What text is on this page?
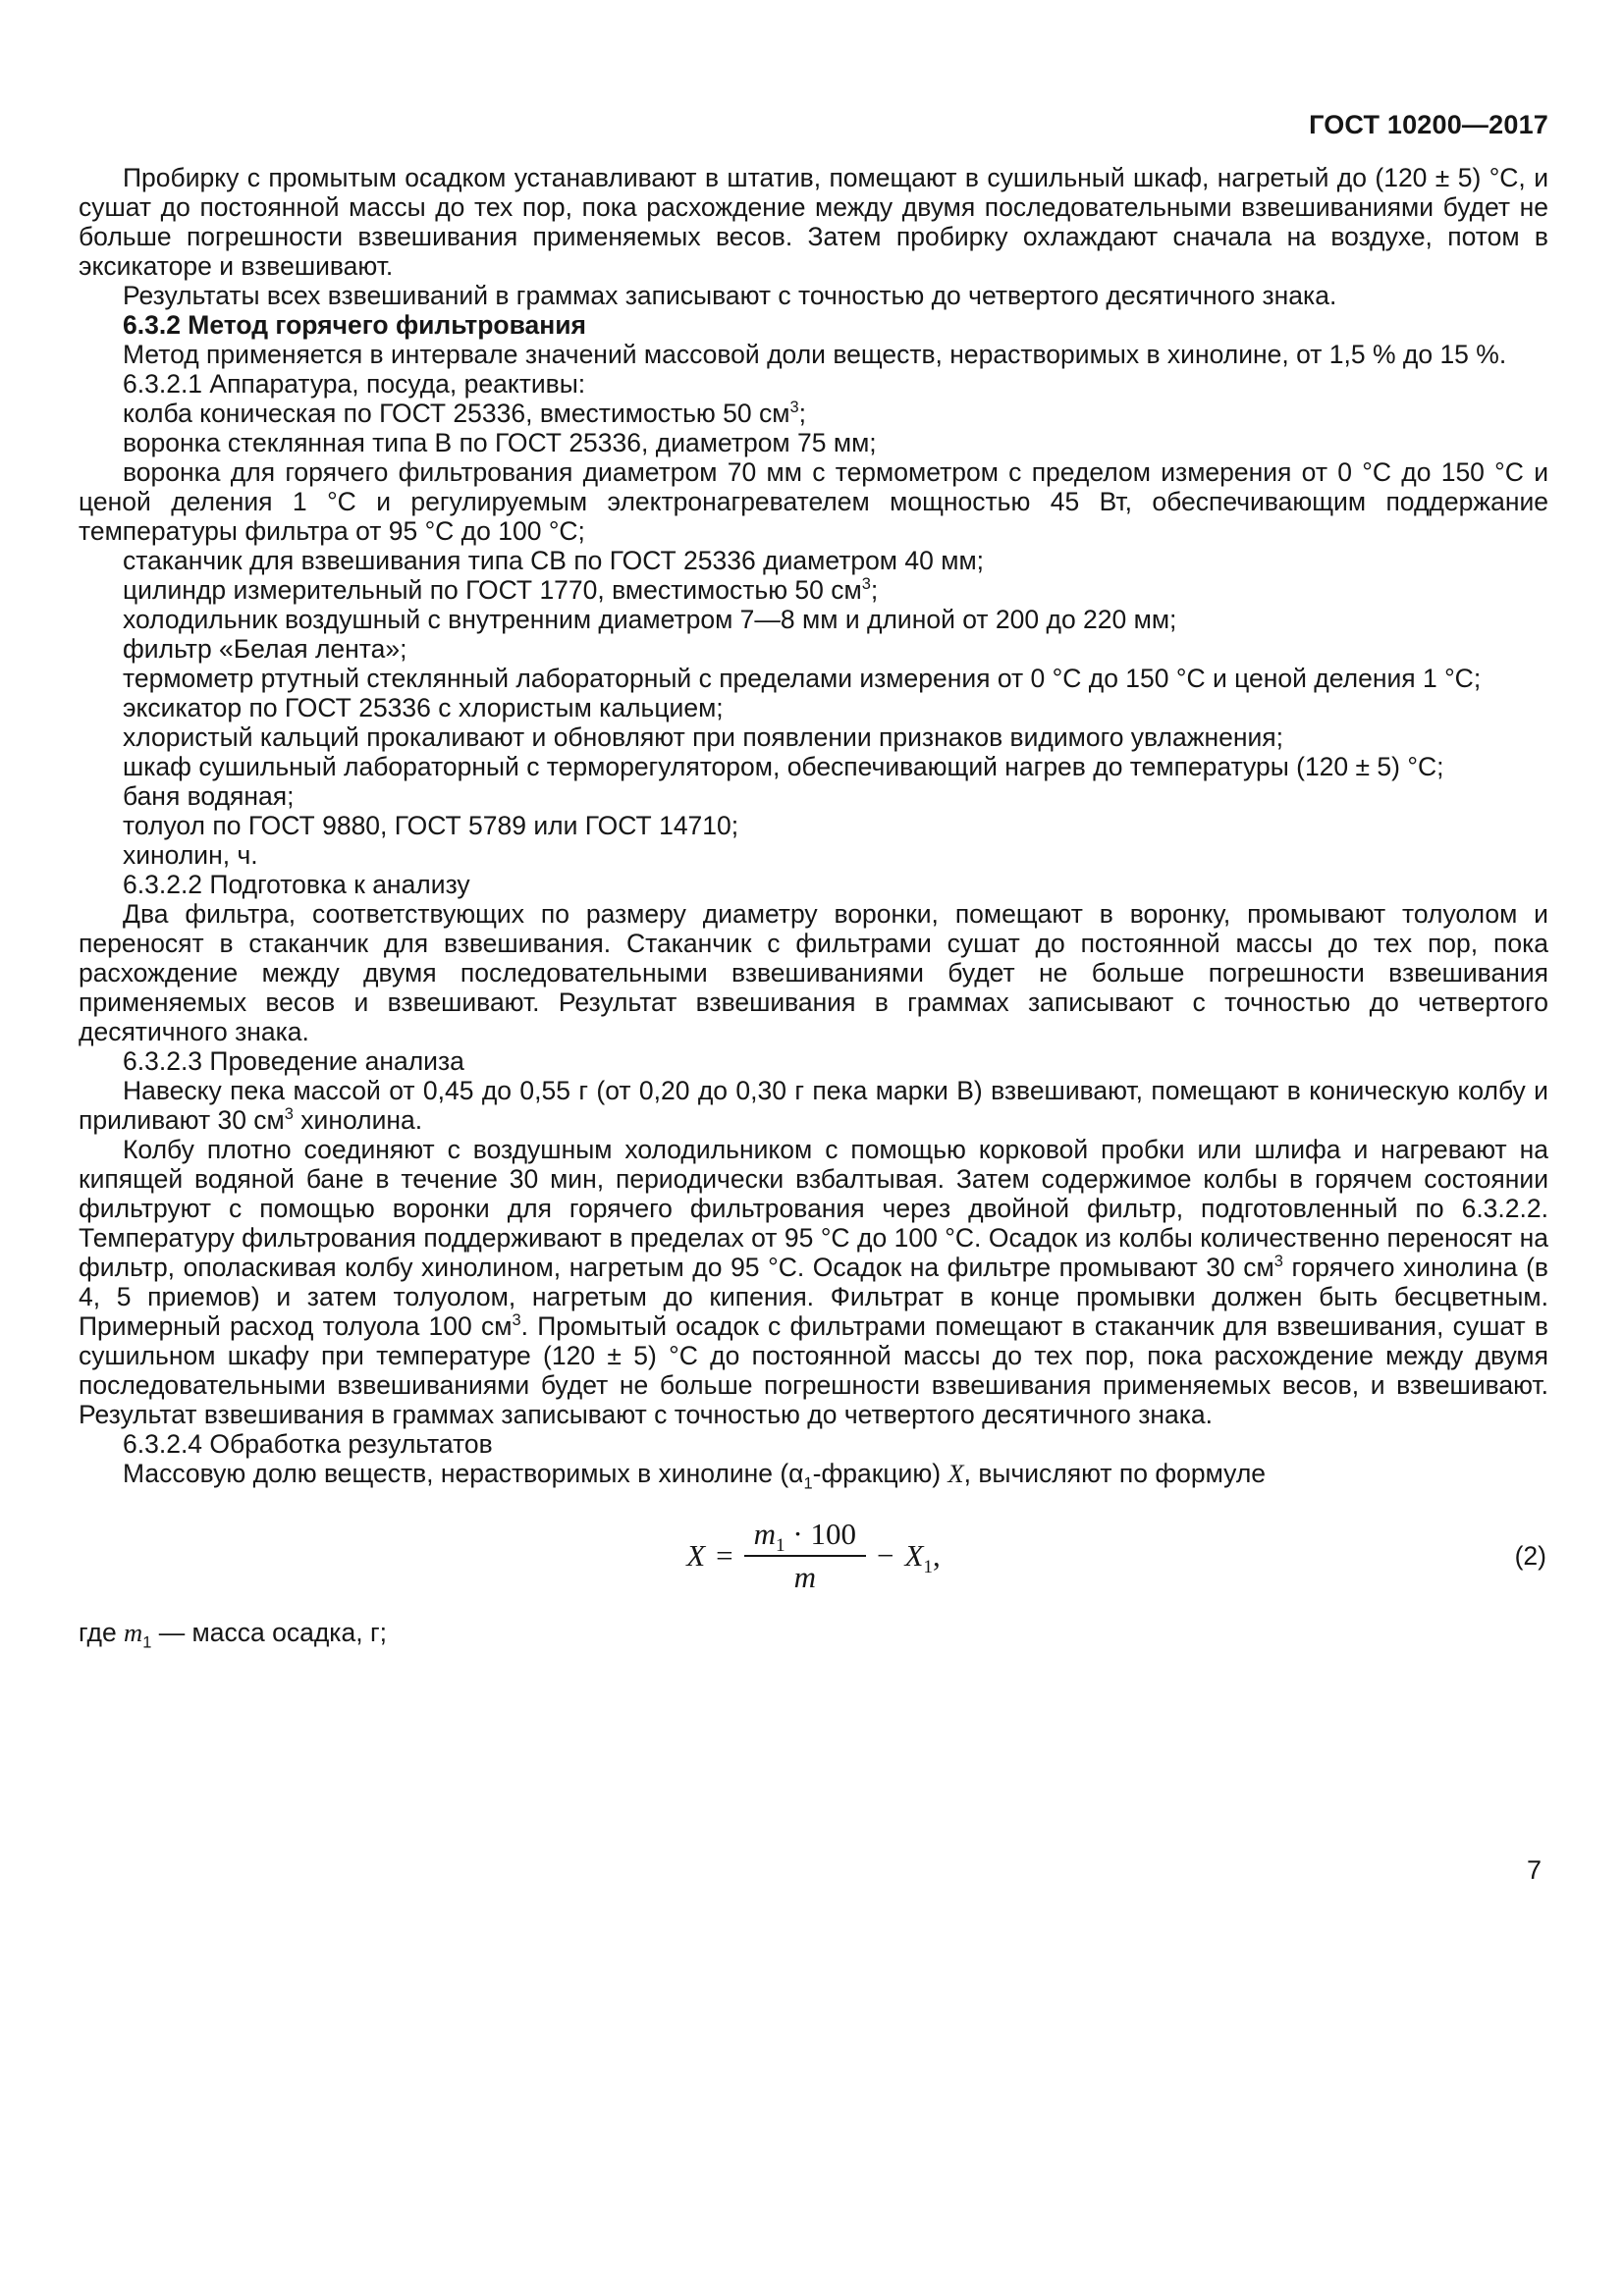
ГОСТ 10200—2017

Пробирку с промытым осадком устанавливают в штатив, помещают в сушильный шкаф, нагретый до (120 ± 5) °С, и сушат до постоянной массы до тех пор, пока расхождение между двумя последовательными взвешиваниями будет не больше погрешности взвешивания применяемых весов. Затем пробирку охлаждают сначала на воздухе, потом в эксикаторе и взвешивают.

Результаты всех взвешиваний в граммах записывают с точностью до четвертого десятичного знака.

6.3.2 Метод горячего фильтрования

Метод применяется в интервале значений массовой доли веществ, нерастворимых в хинолине, от 1,5 % до 15 %.

6.3.2.1 Аппаратура, посуда, реактивы:

колба коническая по ГОСТ 25336, вместимостью 50 $см^3$;

воронка стеклянная типа В по ГОСТ 25336, диаметром 75 мм;

воронка для горячего фильтрования диаметром 70 мм с термометром с пределом измерения от 0 °С до 150 °С и ценой деления 1 °С и регулируемым электронагревателем мощностью 45 Вт, обеспечивающим поддержание температуры фильтра от 95 °С до 100 °С;

стаканчик для взвешивания типа СВ по ГОСТ 25336 диаметром 40 мм;

цилиндр измерительный по ГОСТ 1770, вместимостью 50 $см^3$;

холодильник воздушный с внутренним диаметром 7—8 мм и длиной от 200 до 220 мм;

фильтр «Белая лента»;

термометр ртутный стеклянный лабораторный с пределами измерения от 0 °С до 150 °С и ценой деления 1 °С;

эксикатор по ГОСТ 25336 с хлористым кальцием;

хлористый кальций прокаливают и обновляют при появлении признаков видимого увлажнения;

шкаф сушильный лабораторный с терморегулятором, обеспечивающий нагрев до температуры (120 ± 5) °С;

баня водяная;

толуол по ГОСТ 9880, ГОСТ 5789 или ГОСТ 14710;

хинолин, ч.

6.3.2.2 Подготовка к анализу

Два фильтра, соответствующих по размеру диаметру воронки, помещают в воронку, промывают толуолом и переносят в стаканчик для взвешивания. Стаканчик с фильтрами сушат до постоянной массы до тех пор, пока расхождение между двумя последовательными взвешиваниями будет не больше погрешности взвешивания применяемых весов и взвешивают. Результат взвешивания в граммах записывают с точностью до четвертого десятичного знака.

6.3.2.3 Проведение анализа

Навеску пека массой от 0,45 до 0,55 г (от 0,20 до 0,30 г пека марки В) взвешивают, помещают в коническую колбу и приливают 30 $см^3$ хинолина.

Колбу плотно соединяют с воздушным холодильником с помощью корковой пробки или шлифа и нагревают на кипящей водяной бане в течение 30 мин, периодически взбалтывая. Затем содержимое колбы в горячем состоянии фильтруют с помощью воронки для горячего фильтрования через двойной фильтр, подготовленный по 6.3.2.2. Температуру фильтрования поддерживают в пределах от 95 °С до 100 °С. Осадок из колбы количественно переносят на фильтр, ополаскивая колбу хинолином, нагретым до 95 °С. Осадок на фильтре промывают 30 $см^3$ горячего хинолина (в 4, 5 приемов) и затем толуолом, нагретым до кипения. Фильтрат в конце промывки должен быть бесцветным. Примерный расход толуола 100 $см^3$. Промытый осадок с фильтрами помещают в стаканчик для взвешивания, сушат в сушильном шкафу при температуре (120 ± 5) °С до постоянной массы до тех пор, пока расхождение между двумя последовательными взвешиваниями будет не больше погрешности взвешивания применяемых весов, и взвешивают. Результат взвешивания в граммах записывают с точностью до четвертого десятичного знака.

6.3.2.4 Обработка результатов

Массовую долю веществ, нерастворимых в хинолине $(\alpha_1-фракцию)$ X, вычисляют по формуле

$X = \frac{m_1 \cdot 100}{m} - X_1$,	(2)

где $m_1$ — масса осадка, г;

7
